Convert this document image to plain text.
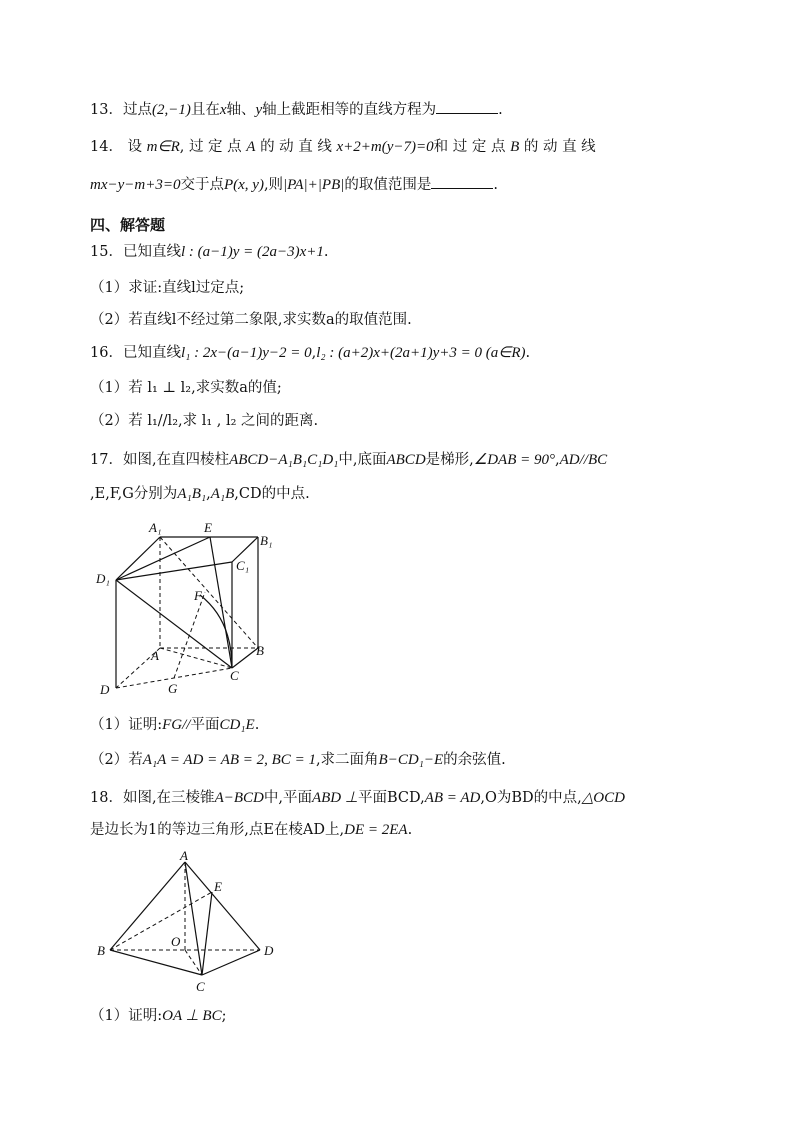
13．过点(2,−1)且在x轴、y轴上截距相等的直线方程为	.
14． 设 m∈R, 过 定 点 A 的 动 直 线 x+2+m(y−7)=0和 过 定 点 B 的 动 直 线
mx−y−m+3=0交于点P(x, y),则|PA|+|PB|的取值范围是	.
四、解答题
15．已知直线l : (a−1)y = (2a−3)x+1.
（1）求证:直线l过定点;
（2）若直线l不经过第二象限,求实数a的取值范围.
16．已知直线l₁ : 2x−(a−1)y−2 = 0,l₂ : (a+2)x+(2a+1)y+3 = 0 (a∈R).
（1）若 l₁ ⊥ l₂,求实数a的值;
（2）若 l₁//l₂,求 l₁ , l₂ 之间的距离.
17．如图,在直四棱柱ABCD−A₁B₁C₁D₁中,底面ABCD是梯形,∠DAB = 90°,AD//BC
,E,F,G分别为A₁B₁,A₁B,CD的中点.
A₁	E
B₁
C₁
D₁
F
A	B
C
D	G
（1）证明:FG//平面CD₁E.
（2）若A₁A = AD = AB = 2, BC = 1,求二面角B−CD₁−E的余弦值.
18．如图,在三棱锥A−BCD中,平面ABD ⊥平面BCD,AB = AD,O为BD的中点,△OCD
是边长为1的等边三角形,点E在棱AD上,DE = 2EA.
A
E
B
O
D
C
（1）证明:OA ⊥ BC;
